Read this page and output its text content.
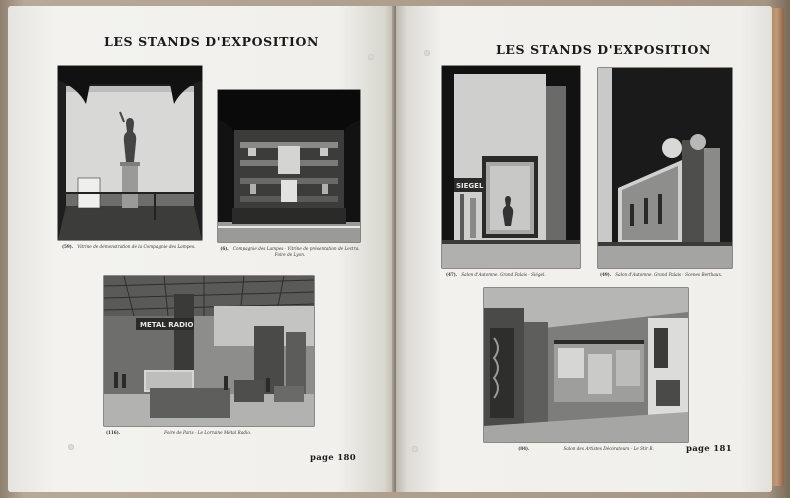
LES STANDS D'EXPOSITION
(59). Vitrine de démonstration de la Compagnie des Lampes.	(6). Compagnie des Lampes - Vitrine de présentation de Lectra.
Foire de Lyon.
METAL RADIO
(116).	Foire de Paris - Le Lorraine Métal Radio.
page 180
LES STANDS D'EXPOSITION
SIEGEL
(47). Salon d'Automne. Grand Palais - Siégel.	(49). Salon d'Automne. Grand Palais - Scenes Berthaux.
(84).	Salon des Artistes Décorateurs - Le Stir B.	page 181
